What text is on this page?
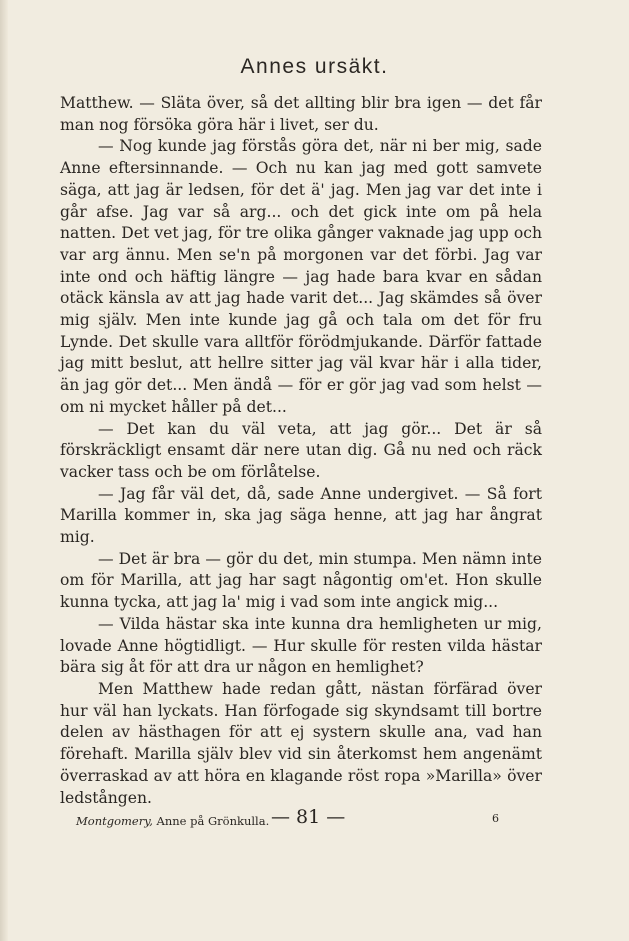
Annes ursäkt.

Matthew. — Släta över, så det allting blir bra igen — det får man nog försöka göra här i livet, ser du.

— Nog kunde jag förstås göra det, när ni ber mig, sade Anne eftersinnande. — Och nu kan jag med gott samvete säga, att jag är ledsen, för det ä' jag. Men jag var det inte i går afse. Jag var så arg... och det gick inte om på hela natten. Det vet jag, för tre olika gånger vaknade jag upp och var arg ännu. Men se'n på morgonen var det förbi. Jag var inte ond och häftig längre — jag hade bara kvar en sådan otäck känsla av att jag hade varit det... Jag skämdes så över mig själv. Men inte kunde jag gå och tala om det för fru Lynde. Det skulle vara alltför förödmjukande. Därför fattade jag mitt beslut, att hellre sitter jag väl kvar här i alla tider, än jag gör det... Men ändå — för er gör jag vad som helst — om ni mycket håller på det...

— Det kan du väl veta, att jag gör... Det är så förskräckligt ensamt där nere utan dig. Gå nu ned och räck vacker tass och be om förlåtelse.

— Jag får väl det, då, sade Anne undergivet. — Så fort Marilla kommer in, ska jag säga henne, att jag har ångrat mig.

— Det är bra — gör du det, min stumpa. Men nämn inte om för Marilla, att jag har sagt någontig om'et. Hon skulle kunna tycka, att jag la' mig i vad som inte angick mig...

— Vilda hästar ska inte kunna dra hemligheten ur mig, lovade Anne högtidligt. — Hur skulle för resten vilda hästar bära sig åt för att dra ur någon en hemlighet?

Men Matthew hade redan gått, nästan förfärad över hur väl han lyckats. Han förfogade sig skyndsamt till bortre delen av hästhagen för att ej systern skulle ana, vad han förehaft. Marilla själv blev vid sin återkomst hem angenämt överraskad av att höra en klagande röst ropa »Marilla» över ledstången.

Montgomery, Anne på Grönkulla. — 81 —	6
